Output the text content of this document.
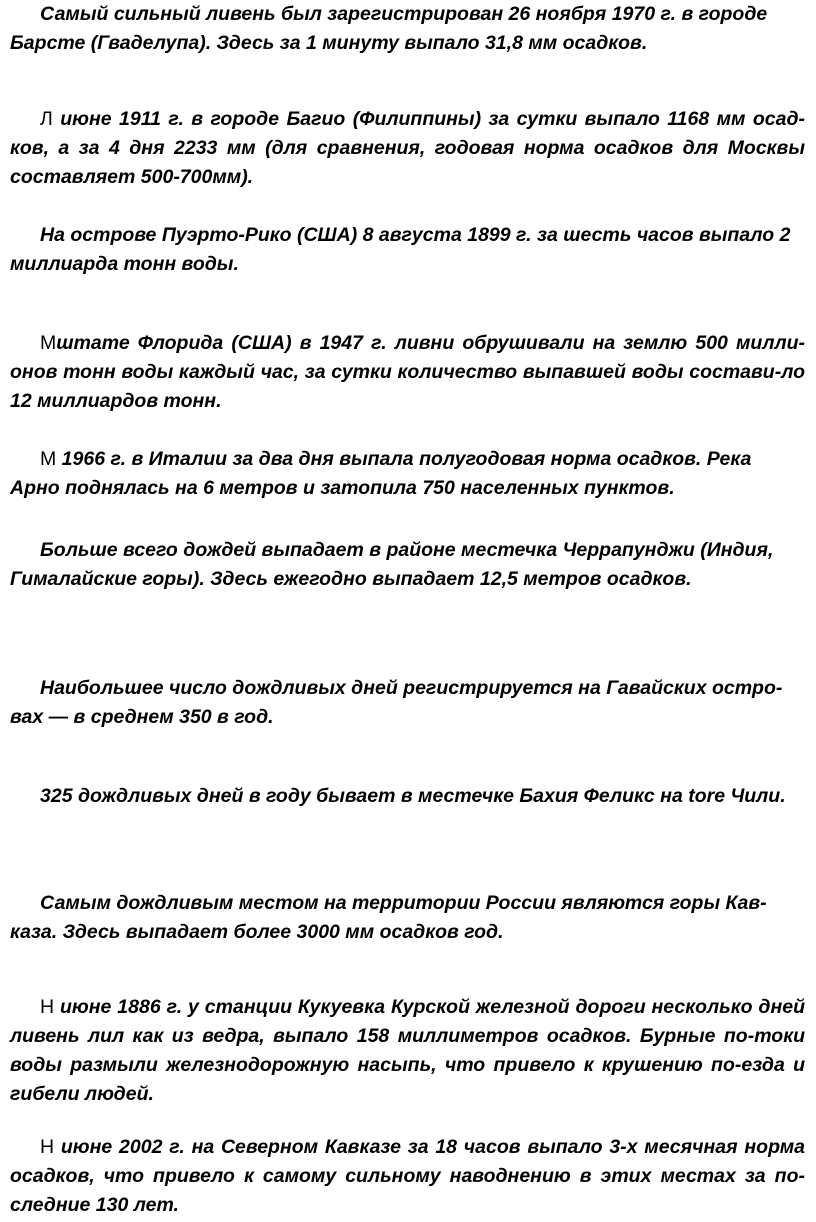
Самый сильный ливень был зарегистрирован 26 ноября 1970 г. в городе Барсте (Гваделупа). Здесь за 1 минуту выпало 31,8 мм осадков.

Л июне 1911 г. в городе Багио (Филиппины) за сутки выпало 1168 мм осад-ков, а за 4 дня 2233 мм (для сравнения, годовая норма осадков для Москвы составляет 500-700мм).

На острове Пуэрто-Рико (США) 8 августа 1899 г. за шесть часов выпало 2 миллиарда тонн воды.

Мштате Флорида (США) в 1947 г. ливни обрушивали на землю 500 милли-онов тонн воды каждый час, за сутки количество выпавшей воды состави-ло 12 миллиардов тонн.

М 1966 г. в Италии за два дня выпала полугодовая норма осадков. Река Арно поднялась на 6 метров и затопила 750 населенных пунктов.

Больше всего дождей выпадает в районе местечка Черрапунджи (Индия, Гималайские горы). Здесь ежегодно выпадает 12,5 метров осадков.

Наибольшее число дождливых дней регистрируется на Гавайских остро-вах — в среднем 350 в год.

325 дождливых дней в году бывает в местечке Бахия Феликс на tore Чили.

Самым дождливым местом на территории России являются горы Кав-каза. Здесь выпадает более 3000 мм осадков год.

Н июне 1886 г. у станции Кукуевка Курской железной дороги несколько дней ливень лил как из ведра, выпало 158 миллиметров осадков. Бурные по-токи воды размыли железнодорожную насыпь, что привело к крушению по-езда и гибели людей.

Н июне 2002 г. на Северном Кавказе за 18 часов выпало 3-х месячная норма осадков, что привело к самому сильному наводнению в этих местах за по-следние 130 лет.
